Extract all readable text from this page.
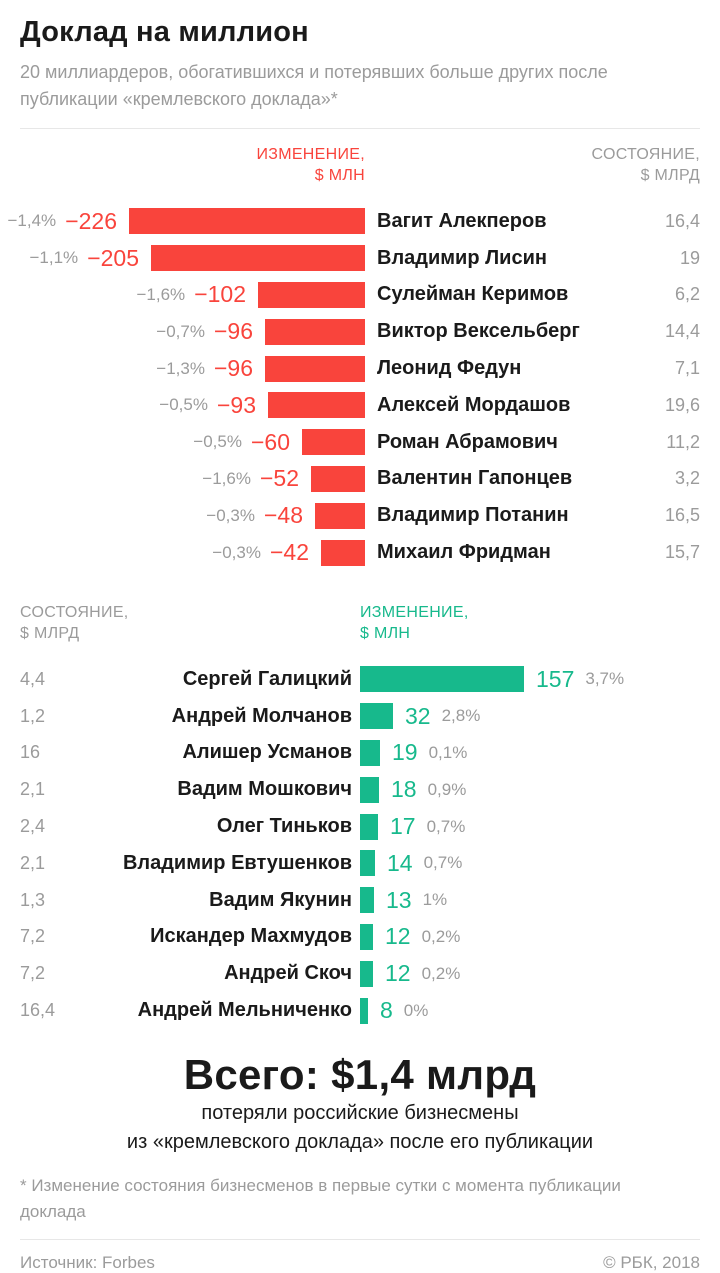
Доклад на миллион

20 миллиардеров, обогатившихся и потерявших больше других после публикации «кремлевского доклада»*

ИЗМЕНЕНИЕ,
$ МЛН
СОСТОЯНИЕ,
$ МЛРД
−1,4% −226	Вагит Алекперов	16,4
−1,1% −205	Владимир Лисин	19
−1,6% −102	Сулейман Керимов	6,2
−0,7% −96	Виктор Вексельберг	14,4
−1,3% −96	Леонид Федун	7,1
−0,5% −93	Алексей Мордашов	19,6
−0,5% −60	Роман Абрамович	11,2
−1,6% −52	Валентин Гапонцев	3,2
−0,3% −48	Владимир Потанин	16,5
−0,3% −42	Михаил Фридман	15,7
СОСТОЯНИЕ,
$ МЛРД
ИЗМЕНЕНИЕ,
$ МЛН
4,4	Сергей Галицкий	157 3,7%
1,2	Андрей Молчанов 32 2,8%
16	Алишер Усманов 19 0,1%
2,1	Вадим Мошкович 18 0,9%
2,4	Олег Тиньков 17 0,7%
2,1	Владимир Евтушенков 14 0,7%
1,3	Вадим Якунин 13 1%
7,2	Искандер Махмудов 12 0,2%
7,2	Андрей Скоч 12 0,2%
16,4	Андрей Мельниченко 8 0%
Всего: $1,4 млрд
потеряли российские бизнесмены
из «кремлевского доклада» после его публикации

* Изменение состояния бизнесменов в первые сутки с момента публикации доклада

Источник: Forbes	© РБК, 2018
